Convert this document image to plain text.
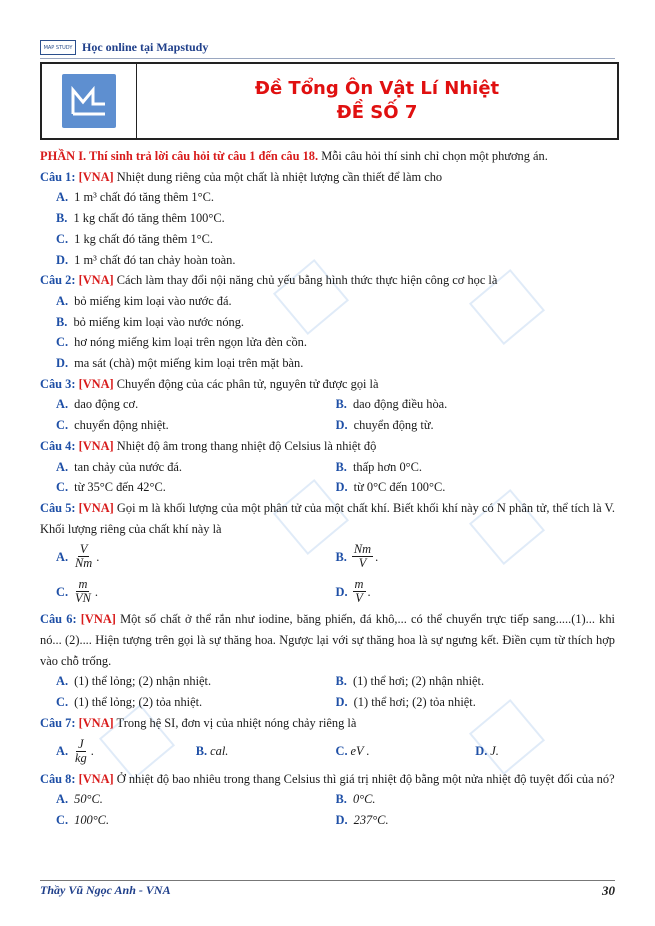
MAP STUDY Học online tại Mapstudy
Đề Tổng Ôn Vật Lí Nhiệt
ĐỀ SỐ 7
PHẦN I. Thí sinh trả lời câu hỏi từ câu 1 đến câu 18. Mỗi câu hỏi thí sinh chỉ chọn một phương án.
Câu 1: [VNA] Nhiệt dung riêng của một chất là nhiệt lượng cần thiết để làm cho
A. 1 m³ chất đó tăng thêm 1°C.
B. 1 kg chất đó tăng thêm 100°C.
C. 1 kg chất đó tăng thêm 1°C.
D. 1 m³ chất đó tan chảy hoàn toàn.
Câu 2: [VNA] Cách làm thay đổi nội năng chủ yếu bằng hình thức thực hiện công cơ học là
A. bỏ miếng kim loại vào nước đá.
B. bỏ miếng kim loại vào nước nóng.
C. hơ nóng miếng kim loại trên ngọn lửa đèn cồn.
D. ma sát (chà) một miếng kim loại trên mặt bàn.
Câu 3: [VNA] Chuyển động của các phân tử, nguyên tử được gọi là
A. dao động cơ.	B. dao động điều hòa.
C. chuyển động nhiệt.	D. chuyển động từ.
Câu 4: [VNA] Nhiệt độ âm trong thang nhiệt độ Celsius là nhiệt độ
A. tan chảy của nước đá.	B. thấp hơn 0°C.
C. từ 35°C đến 42°C.	D. từ 0°C đến 100°C.
Câu 5: [VNA] Gọi m là khối lượng của một phân tử của một chất khí. Biết khối khí này có N phân tử, thể tích là V. Khối lượng riêng của chất khí này là
A. $\frac{V}{Nm}$ .	B. $\frac{Nm}{V}$ .
C. $\frac{m}{VN}$ .	D. $\frac{m}{V}$ .
Câu 6: [VNA] Một số chất ở thể rắn như iodine, băng phiến, đá khô,... có thể chuyển trực tiếp sang.....(1)... khi nó... (2).... Hiện tượng trên gọi là sự thăng hoa. Ngược lại với sự thăng hoa là sự ngưng kết. Điền cụm từ thích hợp vào chỗ trống.
A. (1) thể lỏng; (2) nhận nhiệt.	B. (1) thể hơi; (2) nhận nhiệt.
C. (1) thể lỏng; (2) tỏa nhiệt.	D. (1) thể hơi; (2) tỏa nhiệt.
Câu 7: [VNA] Trong hệ SI, đơn vị của nhiệt nóng chảy riêng là
A. $\frac{J}{kg}$ .	B. cal.	C. eV .	D. J.
Câu 8: [VNA] Ở nhiệt độ bao nhiêu trong thang Celsius thì giá trị nhiệt độ bằng một nửa nhiệt độ tuyệt đối của nó?
A. 50°C.	B. 0°C.
C. 100°C.	D. 237°C.
Thầy Vũ Ngọc Anh - VNA	30
